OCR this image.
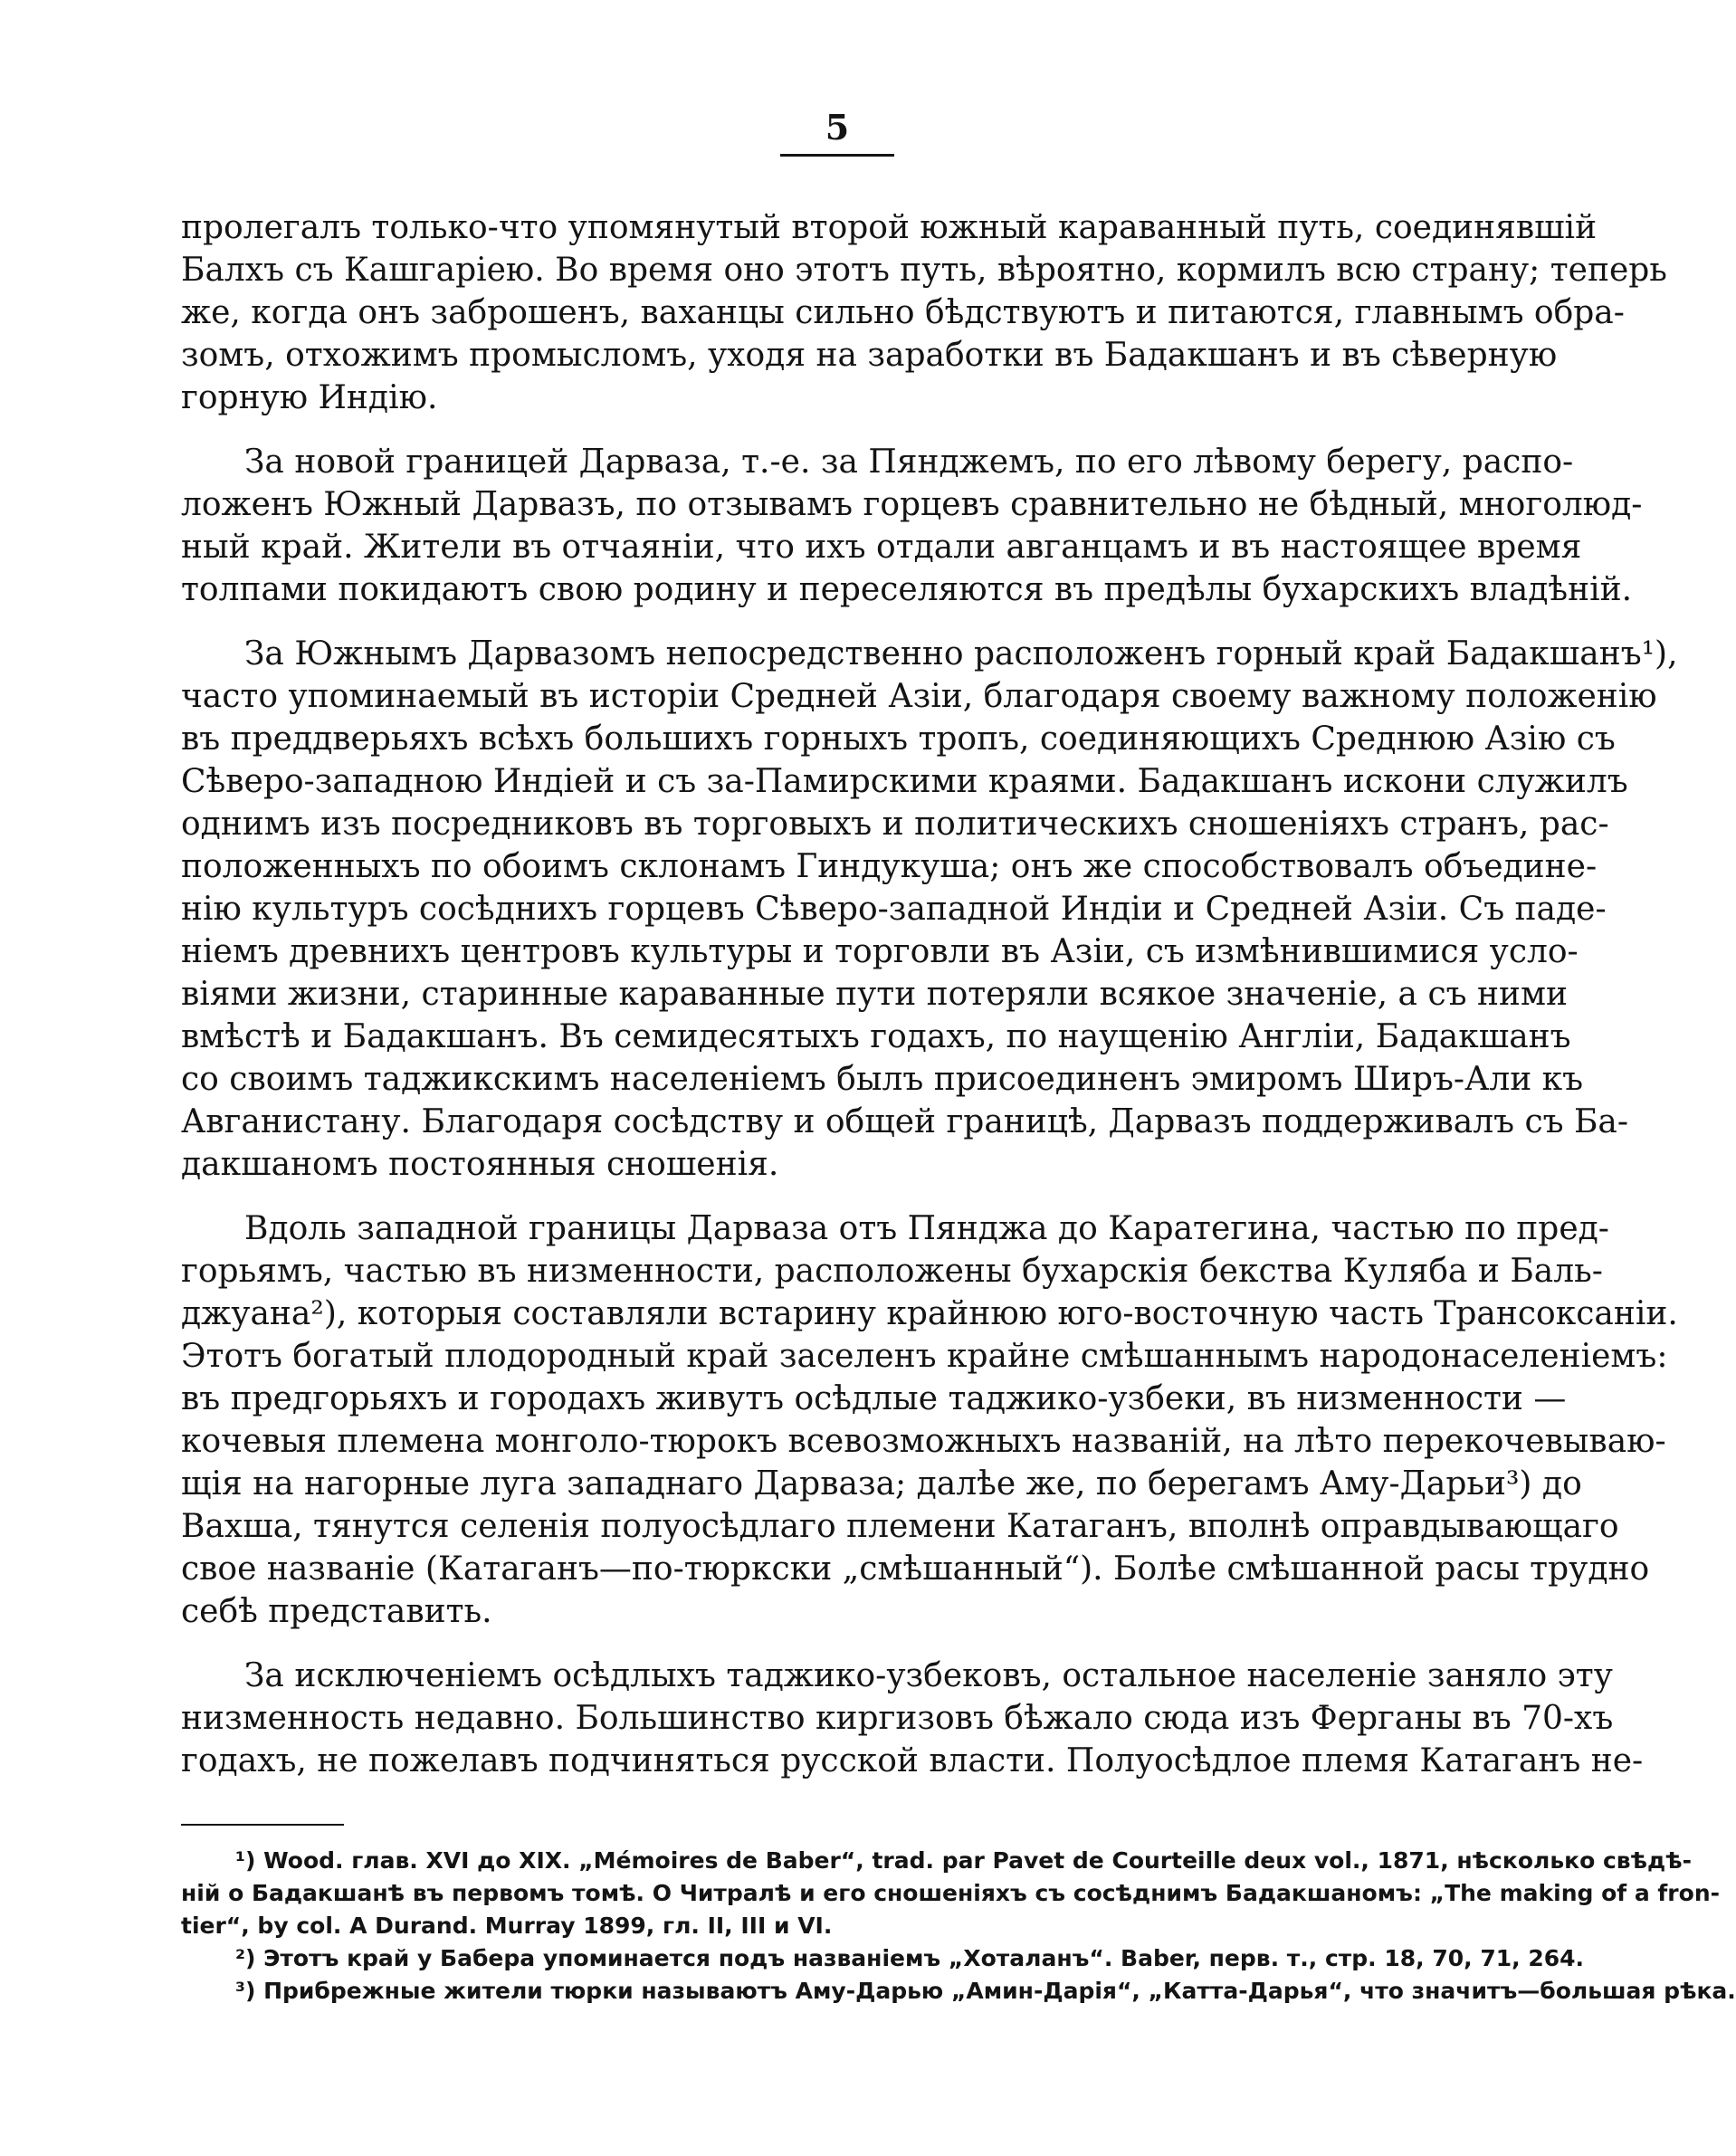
5
пролегалъ только-что упомянутый второй южный караванный путь, соединявшій
Балхъ съ Кашгаріею. Во время оно этотъ путь, вѣроятно, кормилъ всю страну; теперь
же, когда онъ заброшенъ, ваханцы сильно бѣдствуютъ и питаются, главнымъ обра-
зомъ, отхожимъ промысломъ, уходя на заработки въ Бадакшанъ и въ сѣверную
горную Индію.
За новой границей Дарваза, т.-е. за Пянджемъ, по его лѣвому берегу, распо-
ложенъ Южный Дарвазъ, по отзывамъ горцевъ сравнительно не бѣдный, многолюд-
ный край. Жители въ отчаяніи, что ихъ отдали авганцамъ и въ настоящее время
толпами покидаютъ свою родину и переселяются въ предѣлы бухарскихъ владѣній.
За Южнымъ Дарвазомъ непосредственно расположенъ горный край Бадакшанъ¹),
часто упоминаемый въ исторіи Средней Азіи, благодаря своему важному положенію
въ преддверьяхъ всѣхъ большихъ горныхъ тропъ, соединяющихъ Среднюю Азію съ
Сѣверо-западною Индіей и съ за-Памирскими краями. Бадакшанъ искони служилъ
однимъ изъ посредниковъ въ торговыхъ и политическихъ сношеніяхъ странъ, рас-
положенныхъ по обоимъ склонамъ Гиндукуша; онъ же способствовалъ объедине-
нію культуръ сосѣднихъ горцевъ Сѣверо-западной Индіи и Средней Азіи. Съ паде-
ніемъ древнихъ центровъ культуры и торговли въ Азіи, съ измѣнившимися усло-
віями жизни, старинные караванные пути потеряли всякое значеніе, а съ ними
вмѣстѣ и Бадакшанъ. Въ семидесятыхъ годахъ, по наущенію Англіи, Бадакшанъ
со своимъ таджикскимъ населеніемъ былъ присоединенъ эмиромъ Ширъ-Али къ
Авганистану. Благодаря сосѣдству и общей границѣ, Дарвазъ поддерживалъ съ Ба-
дакшаномъ постоянныя сношенія.
Вдоль западной границы Дарваза отъ Пянджа до Каратегина, частью по пред-
горьямъ, частью въ низменности, расположены бухарскія бекства Куляба и Баль-
джуана²), которыя составляли встарину крайнюю юго-восточную часть Трансоксаніи.
Этотъ богатый плодородный край заселенъ крайне смѣшаннымъ народонаселеніемъ:
въ предгорьяхъ и городахъ живутъ осѣдлые таджико-узбеки, въ низменности —
кочевыя племена монголо-тюрокъ всевозможныхъ названій, на лѣто перекочевываю-
щія на нагорные луга западнаго Дарваза; далѣе же, по берегамъ Аму-Дарьи³) до
Вахша, тянутся селенія полуосѣдлаго племени Катаганъ, вполнѣ оправдывающаго
свое названіе (Катаганъ—по-тюркски „смѣшанный“). Болѣе смѣшанной расы трудно
себѣ представить.
За исключеніемъ осѣдлыхъ таджико-узбековъ, остальное населеніе заняло эту
низменность недавно. Большинство киргизовъ бѣжало сюда изъ Ферганы въ 70-хъ
годахъ, не пожелавъ подчиняться русской власти. Полуосѣдлое племя Катаганъ не-
¹) Wood. глав. XVI до XIX. „Mémoires de Baber“, trad. par Pavet de Courteille deux vol., 1871, нѣсколько свѣдѣ-
ній о Бадакшанѣ въ первомъ томѣ. О Читралѣ и его сношеніяхъ съ сосѣднимъ Бадакшаномъ: „The making of a fron-
tier“, by col. A Durand. Murray 1899, гл. II, III и VI.
²) Этотъ край у Бабера упоминается подъ названіемъ „Хоталанъ“. Baber, перв. т., стр. 18, 70, 71, 264.
³) Прибрежные жители тюрки называютъ Аму-Дарью „Амин-Дарія“, „Катта-Дарья“, что значитъ—большая рѣка.
